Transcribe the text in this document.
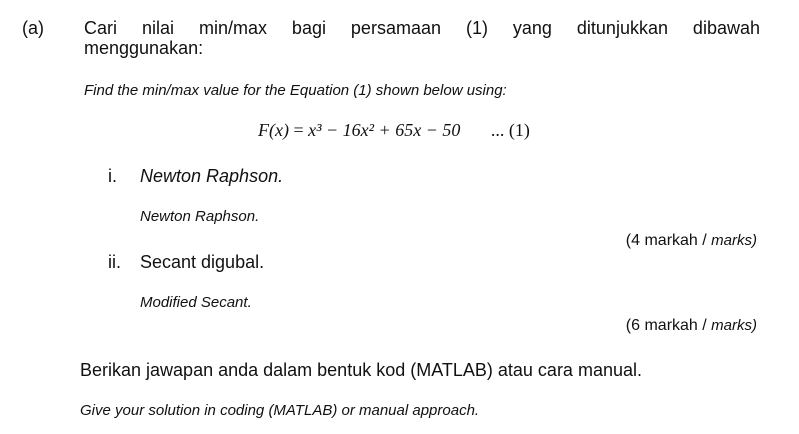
(a) Cari nilai min/max bagi persamaan (1) yang ditunjukkan dibawah
menggunakan:
Find the min/max value for the Equation (1) shown below using:
F(x) = x³ − 16x² + 65x − 50 ... (1)
i. Newton Raphson.
Newton Raphson.
(4 markah / marks)
ii. Secant digubal.
Modified Secant.
(6 markah / marks)
Berikan jawapan anda dalam bentuk kod (MATLAB) atau cara manual.
Give your solution in coding (MATLAB) or manual approach.
